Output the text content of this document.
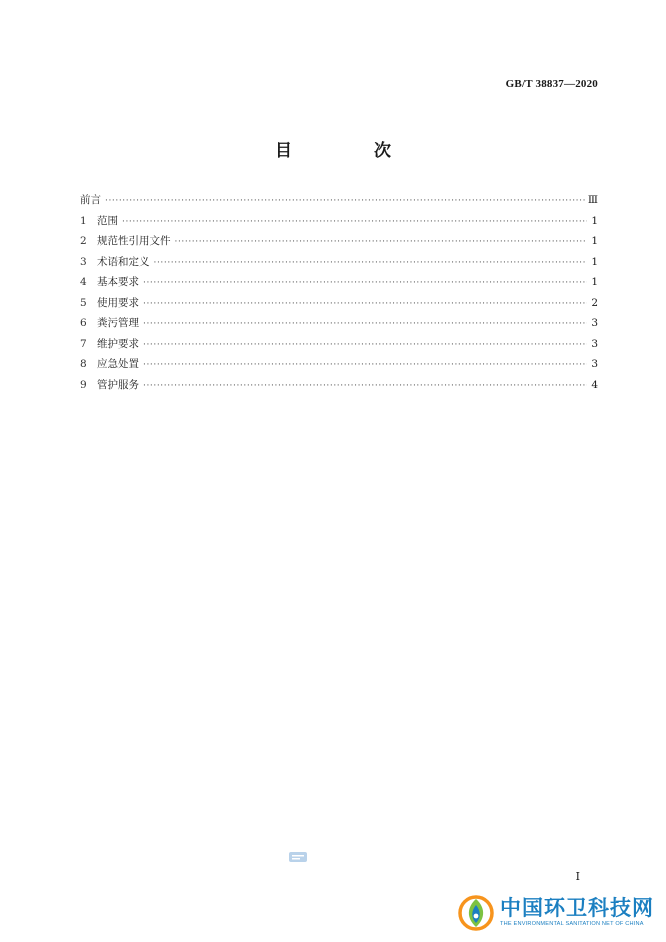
GB/T 38837—2020
目 次
前言 ·····	Ⅲ
1 范围 ·····	1
2 规范性引用文件 ·····	1
3 术语和定义 ·····	1
4 基本要求 ·····	1
5 使用要求 ·····	2
6 粪污管理 ·····	3
7 维护要求 ·····	3
8 应急处置 ·····	3
9 管护服务 ·····	4
Ⅰ
中国环卫科技网
THE ENVIRONMENTAL SANITATION NET OF CHINA
